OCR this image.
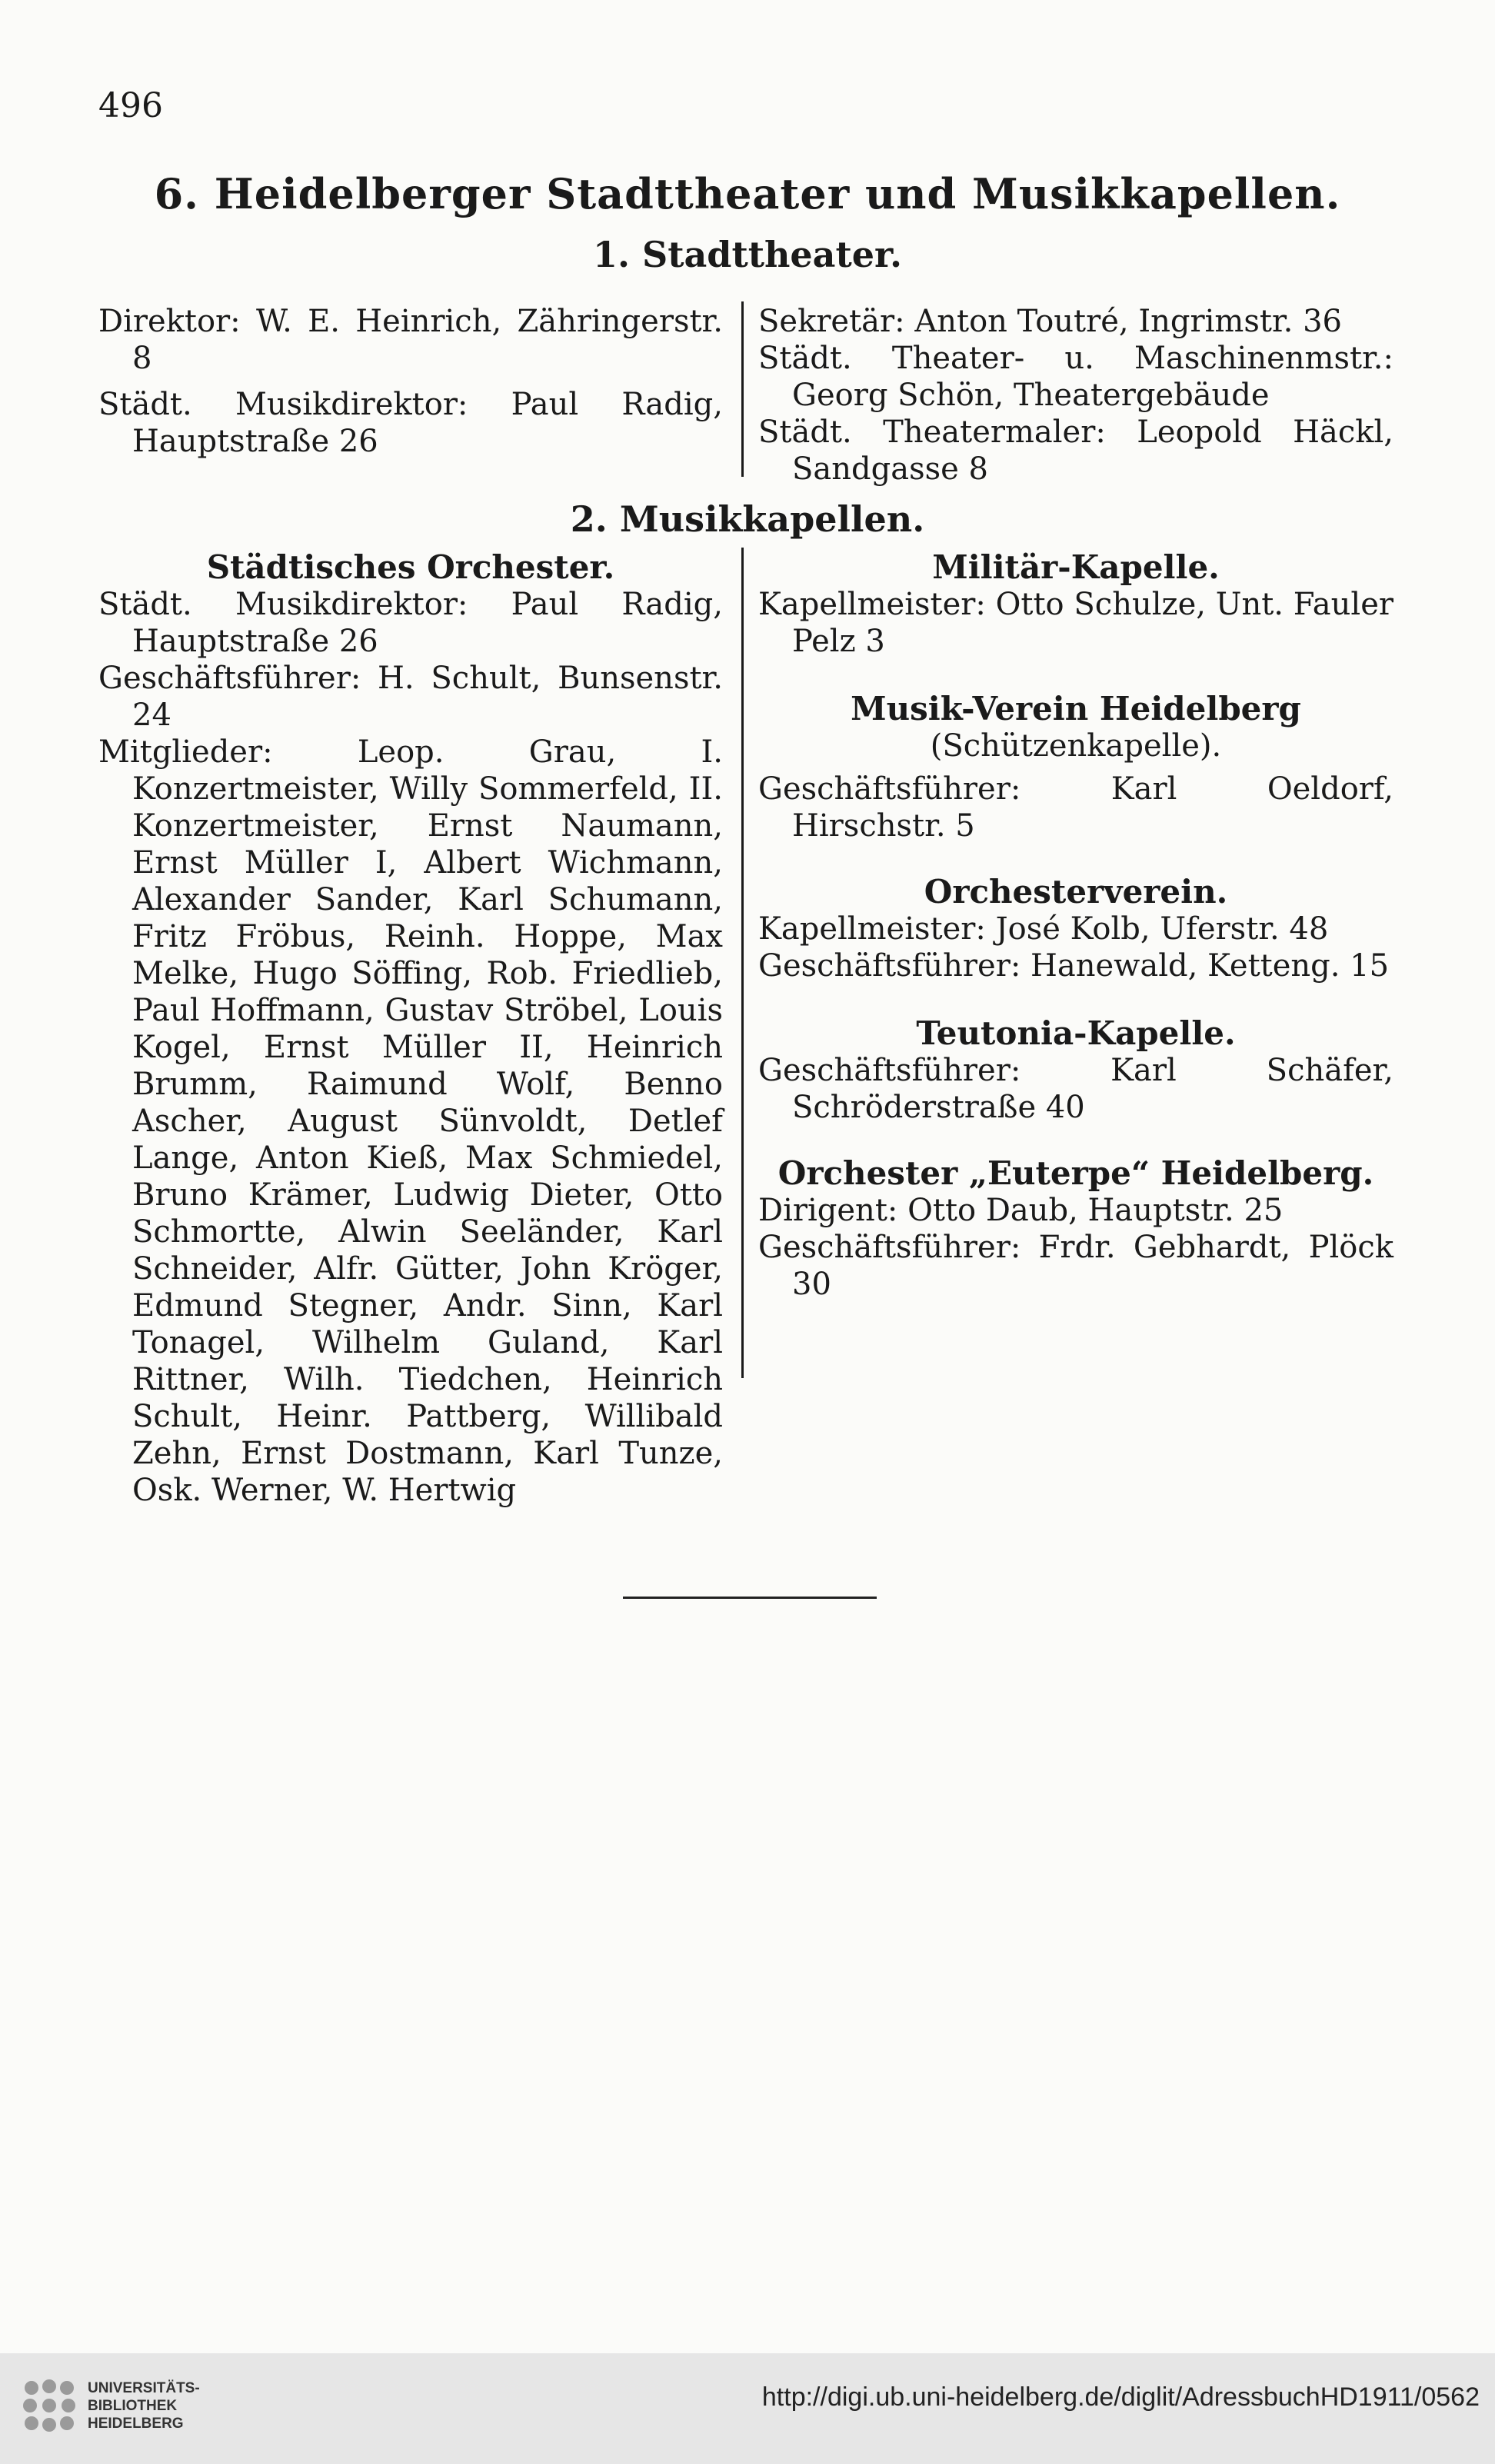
496
6. Heidelberger Stadttheater und Musikkapellen.
1. Stadttheater.

Direktor: W. E. Heinrich, Zähringerstr. 8

Städt. Musikdirektor: Paul Radig, Hauptstraße 26

Sekretär: Anton Toutré, Ingrimstr. 36

Städt. Theater- u. Maschinenmstr.: Georg Schön, Theatergebäude

Städt. Theatermaler: Leopold Häckl, Sandgasse 8

2. Musikkapellen.

Städtisches Orchester.

Städt. Musikdirektor: Paul Radig, Hauptstraße 26

Geschäftsführer: H. Schult, Bunsenstr. 24

Mitglieder: Leop. Grau, I. Konzertmeister, Willy Sommerfeld, II. Konzertmeister, Ernst Naumann, Ernst Müller I, Albert Wichmann, Alexander Sander, Karl Schumann, Fritz Fröbus, Reinh. Hoppe, Max Melke, Hugo Söffing, Rob. Friedlieb, Paul Hoffmann, Gustav Ströbel, Louis Kogel, Ernst Müller II, Heinrich Brumm, Raimund Wolf, Benno Ascher, August Sünvoldt, Detlef Lange, Anton Kieß, Max Schmiedel, Bruno Krämer, Ludwig Dieter, Otto Schmortte, Alwin Seeländer, Karl Schneider, Alfr. Gütter, John Kröger, Edmund Stegner, Andr. Sinn, Karl Tonagel, Wilhelm Guland, Karl Rittner, Wilh. Tiedchen, Heinrich Schult, Heinr. Pattberg, Willibald Zehn, Ernst Dostmann, Karl Tunze, Osk. Werner, W. Hertwig

Militär-Kapelle.

Kapellmeister: Otto Schulze, Unt. Fauler Pelz 3

Musik-Verein Heidelberg

(Schützenkapelle).

Geschäftsführer: Karl Oeldorf, Hirschstr. 5

Orchesterverein.

Kapellmeister: José Kolb, Uferstr. 48

Geschäftsführer: Hanewald, Ketteng. 15

Teutonia-Kapelle.

Geschäftsführer: Karl Schäfer, Schröderstraße 40

Orchester „Euterpe“ Heidelberg.

Dirigent: Otto Daub, Hauptstr. 25

Geschäftsführer: Frdr. Gebhardt, Plöck 30

UNIVERSITÄTS-
BIBLIOTHEK
HEIDELBERG
http://digi.ub.uni-heidelberg.de/diglit/AdressbuchHD1911/0562
